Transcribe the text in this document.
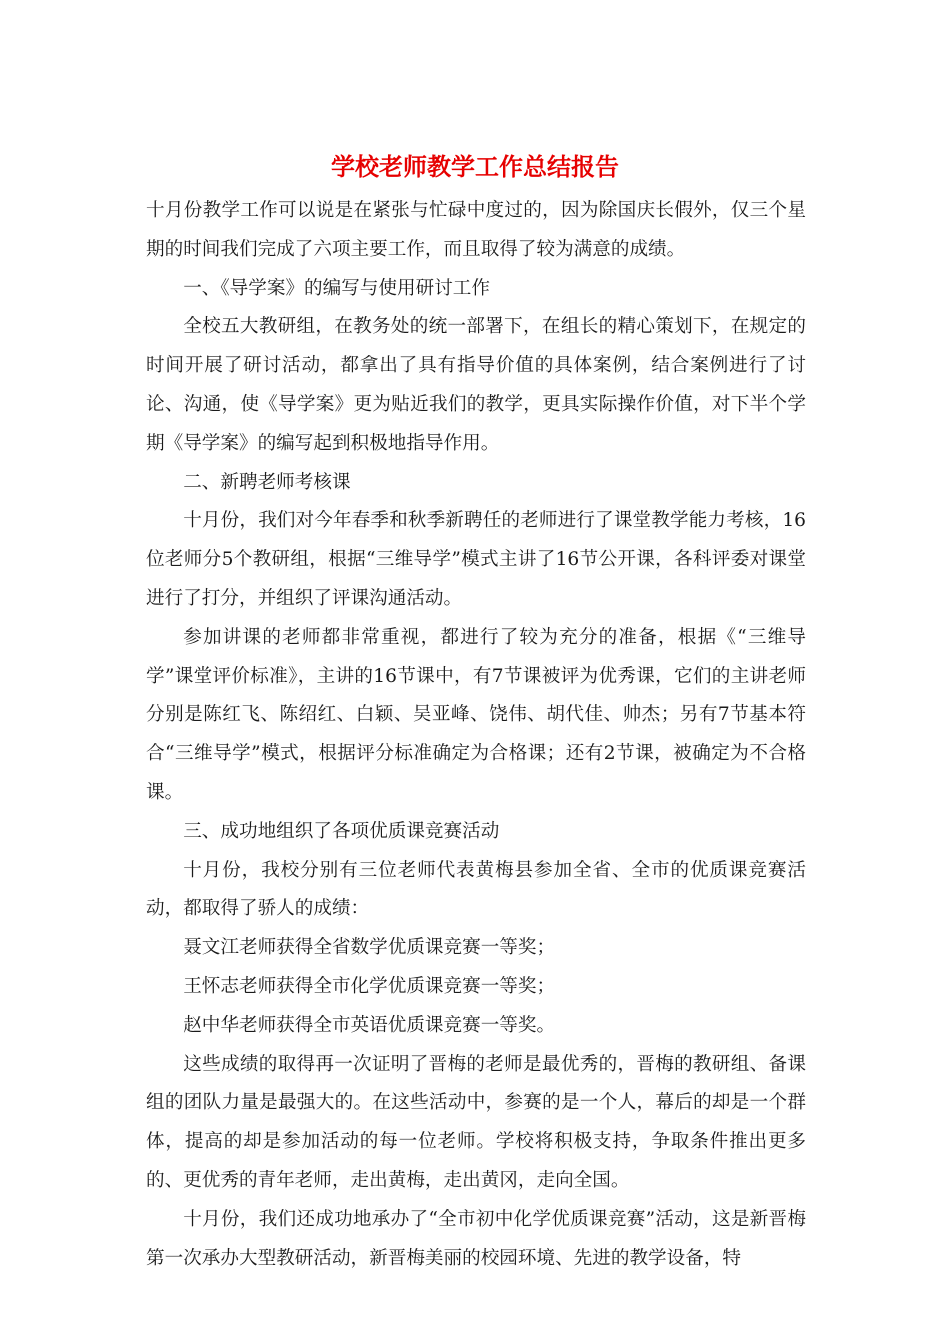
学校老师教学工作总结报告

十月份教学工作可以说是在紧张与忙碌中度过的，因为除国庆长假外，仅三个星期的时间我们完成了六项主要工作，而且取得了较为满意的成绩。

一、《导学案》的编写与使用研讨工作

全校五大教研组，在教务处的统一部署下，在组长的精心策划下，在规定的时间开展了研讨活动，都拿出了具有指导价值的具体案例，结合案例进行了讨论、沟通，使《导学案》更为贴近我们的教学，更具实际操作价值，对下半个学期《导学案》的编写起到积极地指导作用。

二、新聘老师考核课

十月份，我们对今年春季和秋季新聘任的老师进行了课堂教学能力考核，16位老师分5个教研组，根据“三维导学”模式主讲了16节公开课，各科评委对课堂进行了打分，并组织了评课沟通活动。

参加讲课的老师都非常重视，都进行了较为充分的准备，根据《“三维导学”课堂评价标准》，主讲的16节课中，有7节课被评为优秀课，它们的主讲老师分别是陈红飞、陈绍红、白颖、吴亚峰、饶伟、胡代佳、帅杰；另有7节基本符合“三维导学”模式，根据评分标准确定为合格课；还有2节课，被确定为不合格课。

三、成功地组织了各项优质课竞赛活动

十月份，我校分别有三位老师代表黄梅县参加全省、全市的优质课竞赛活动，都取得了骄人的成绩：

聂文江老师获得全省数学优质课竞赛一等奖；

王怀志老师获得全市化学优质课竞赛一等奖；

赵中华老师获得全市英语优质课竞赛一等奖。

这些成绩的取得再一次证明了晋梅的老师是最优秀的，晋梅的教研组、备课组的团队力量是最强大的。在这些活动中，参赛的是一个人，幕后的却是一个群体，提高的却是参加活动的每一位老师。学校将积极支持，争取条件推出更多的、更优秀的青年老师，走出黄梅，走出黄冈，走向全国。

十月份，我们还成功地承办了“全市初中化学优质课竞赛”活动，这是新晋梅第一次承办大型教研活动，新晋梅美丽的校园环境、先进的教学设备，特
